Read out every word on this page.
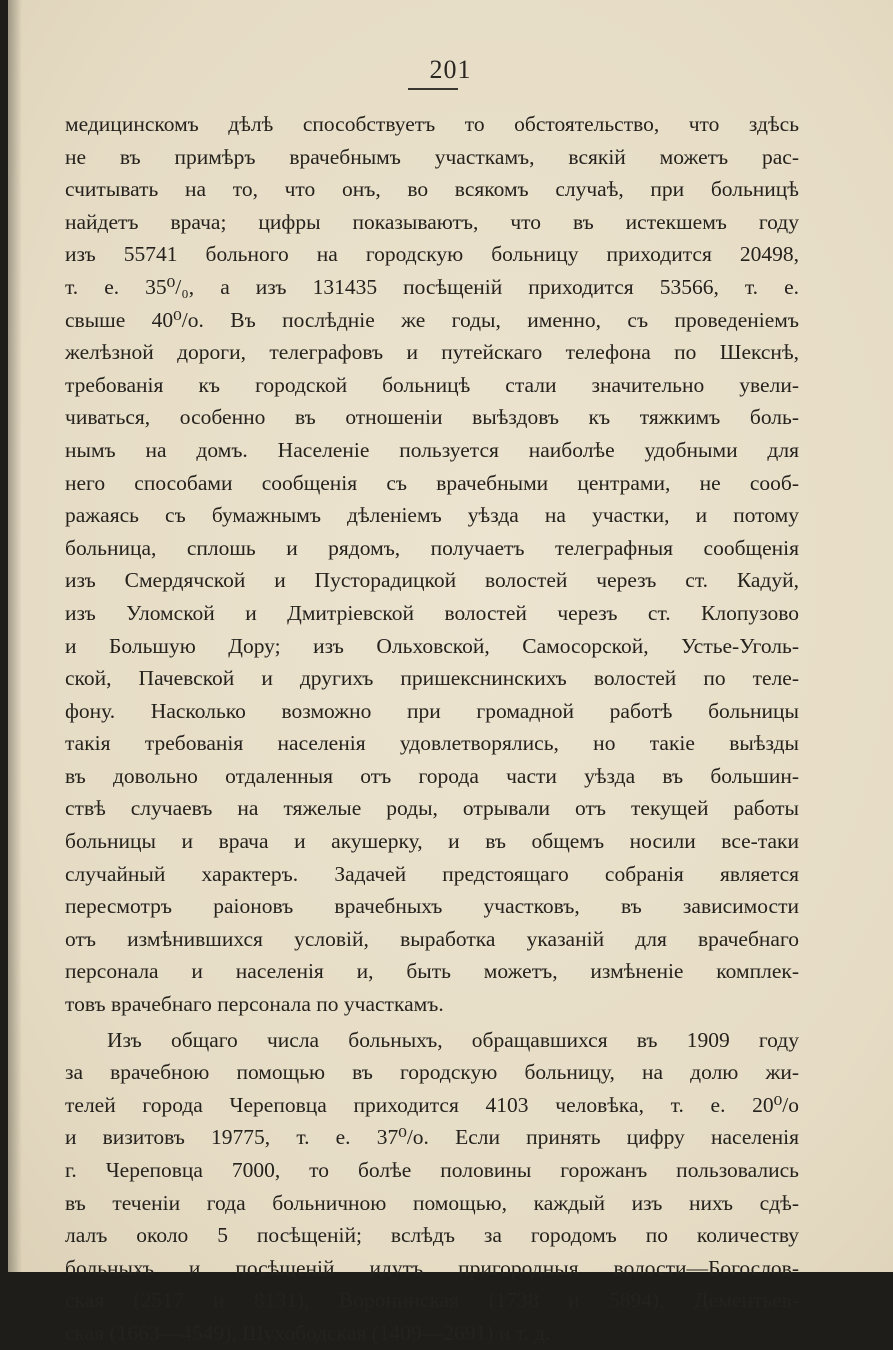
201
медицинскомъ дѣлѣ способствуетъ то обстоятельство, что здѣсь
не въ примѣръ врачебнымъ участкамъ, всякій можетъ рас-
считывать на то, что онъ, во всякомъ случаѣ, при больницѣ
найдетъ врача; цифры показываютъ, что въ истекшемъ году
изъ 55741 больного на городскую больницу приходится 20498,
т. е. 35⁰/₀, а изъ 131435 посѣщеній приходится 53566, т. е.
свыше 40⁰/о. Въ послѣдніе же годы, именно, съ проведеніемъ
желѣзной дороги, телеграфовъ и путейскаго телефона по Шекснѣ,
требованія къ городской больницѣ стали значительно увели-
чиваться, особенно въ отношеніи выѣздовъ къ тяжкимъ боль-
нымъ на домъ. Населеніе пользуется наиболѣе удобными для
него способами сообщенія съ врачебными центрами, не сооб-
ражаясь съ бумажнымъ дѣленіемъ уѣзда на участки, и потому
больница, сплошь и рядомъ, получаетъ телеграфныя сообщенія
изъ Смердячской и Пусторадицкой волостей черезъ ст. Кадуй,
изъ Уломской и Дмитріевской волостей черезъ ст. Клопузово
и Большую Дору; изъ Ольховской, Самосорской, Устье-Уголь-
ской, Пачевской и другихъ пришекснинскихъ волостей по теле-
фону. Насколько возможно при громадной работѣ больницы
такія требованія населенія удовлетворялись, но такіе выѣзды
въ довольно отдаленныя отъ города части уѣзда въ большин-
ствѣ случаевъ на тяжелые роды, отрывали отъ текущей работы
больницы и врача и акушерку, и въ общемъ носили все-таки
случайный характеръ. Задачей предстоящаго собранія является
пересмотръ раіоновъ врачебныхъ участковъ, въ зависимости
отъ измѣнившихся условій, выработка указаній для врачебнаго
персонала и населенія и, быть можетъ, измѣненіе комплек-
товъ врачебнаго персонала по участкамъ.
Изъ общаго числа больныхъ, обращавшихся въ 1909 году
за врачебною помощью въ городскую больницу, на долю жи-
телей города Череповца приходится 4103 человѣка, т. е. 20⁰/о
и визитовъ 19775, т. е. 37⁰/о. Если принять цифру населенія
г. Череповца 7000, то болѣе половины горожанъ пользовались
въ теченіи года больничною помощью, каждый изъ нихъ сдѣ-
лалъ около 5 посѣщеній; вслѣдъ за городомъ по количеству
больныхъ и посѣщеній идутъ пригородныя волости—Богослов-
ская (2517 и 8131), Воронинская (1738 и 5894), Дементьев-
ская (1663—4549), Шухободская (1409—2691) и т. д.
